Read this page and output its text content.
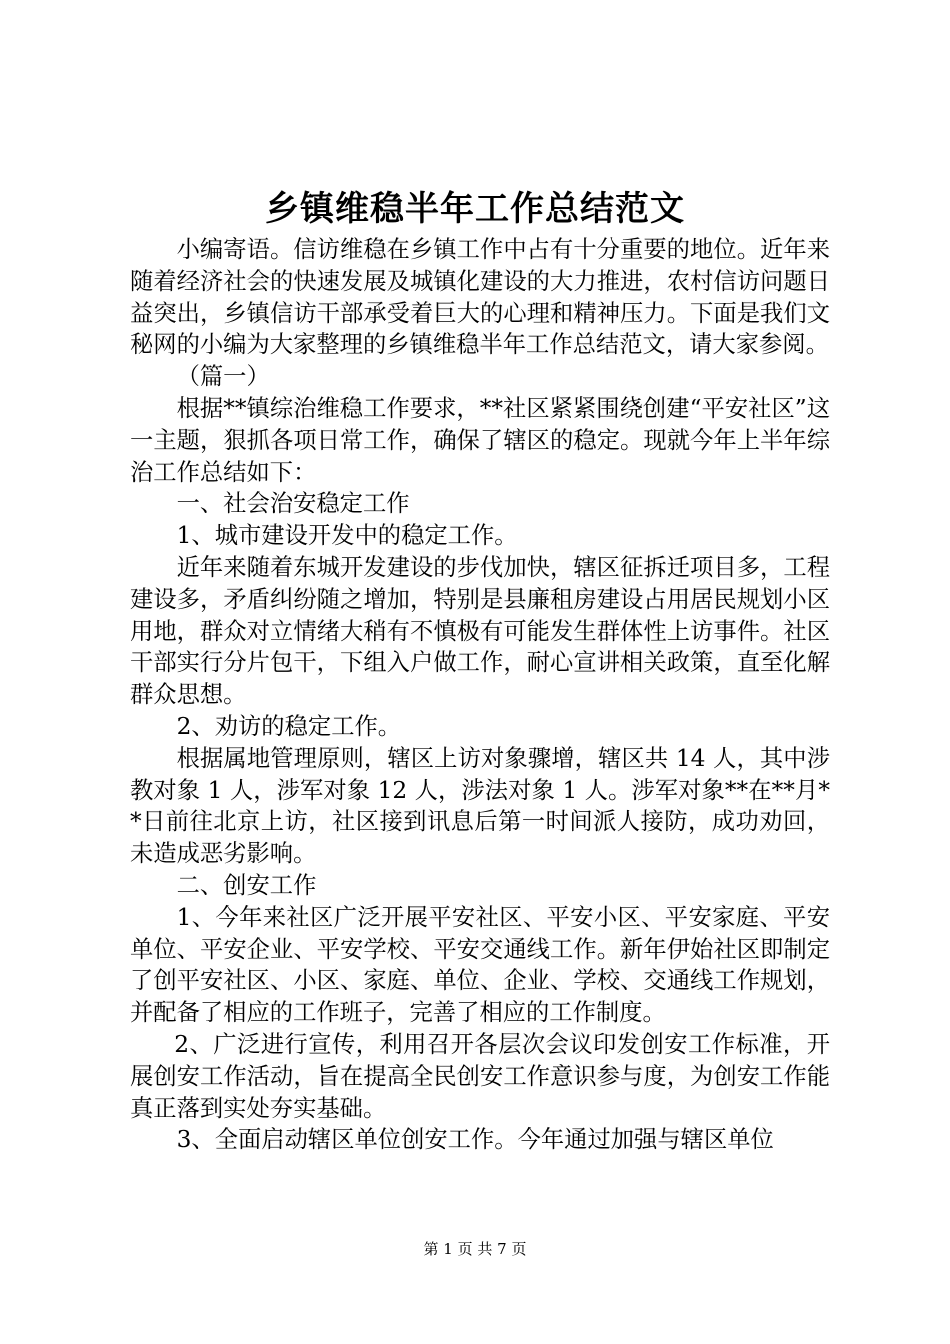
乡镇维稳半年工作总结范文

小编寄语。信访维稳在乡镇工作中占有十分重要的地位。近年来随着经济社会的快速发展及城镇化建设的大力推进，农村信访问题日益突出，乡镇信访干部承受着巨大的心理和精神压力。下面是我们文秘网的小编为大家整理的乡镇维稳半年工作总结范文，请大家参阅。

（篇一）

根据**镇综治维稳工作要求，**社区紧紧围绕创建“平安社区”这一主题，狠抓各项日常工作，确保了辖区的稳定。现就今年上半年综治工作总结如下：

一、社会治安稳定工作

1、城市建设开发中的稳定工作。

近年来随着东城开发建设的步伐加快，辖区征拆迁项目多，工程建设多，矛盾纠纷随之增加，特别是县廉租房建设占用居民规划小区用地，群众对立情绪大稍有不慎极有可能发生群体性上访事件。社区干部实行分片包干，下组入户做工作，耐心宣讲相关政策，直至化解群众思想。

2、劝访的稳定工作。

根据属地管理原则，辖区上访对象骤增，辖区共 14 人，其中涉教对象 1 人，涉军对象 12 人，涉法对象 1 人。涉军对象**在**月**日前往北京上访，社区接到讯息后第一时间派人接防，成功劝回，未造成恶劣影响。

二、创安工作

1、今年来社区广泛开展平安社区、平安小区、平安家庭、平安单位、平安企业、平安学校、平安交通线工作。新年伊始社区即制定了创平安社区、小区、家庭、单位、企业、学校、交通线工作规划，并配备了相应的工作班子，完善了相应的工作制度。

2、广泛进行宣传，利用召开各层次会议印发创安工作标准，开展创安工作活动，旨在提高全民创安工作意识参与度，为创安工作能真正落到实处夯实基础。

3、全面启动辖区单位创安工作。今年通过加强与辖区单位

第 1 页 共 7 页
